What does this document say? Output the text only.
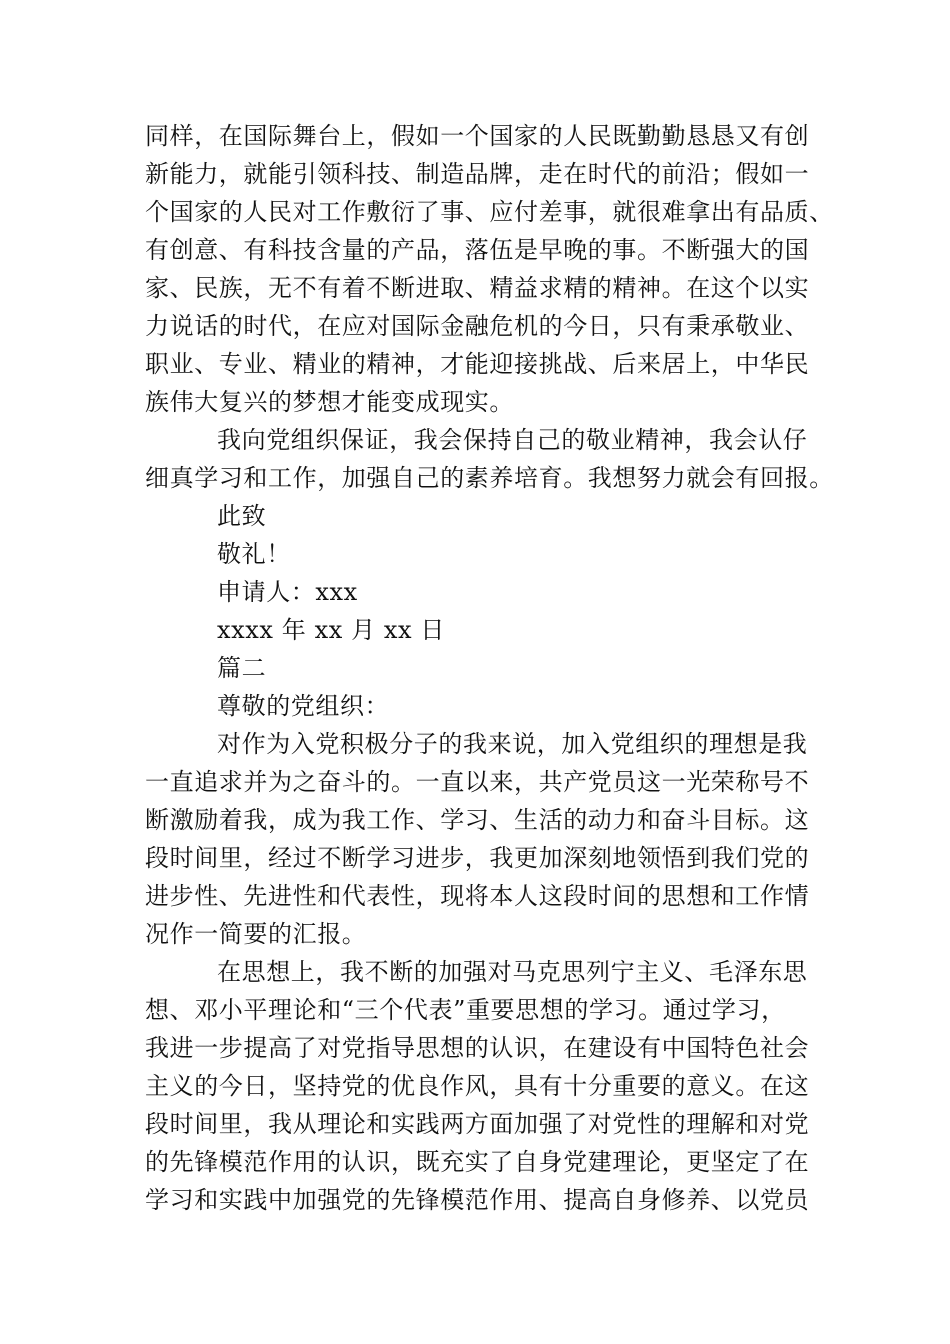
同样，在国际舞台上，假如一个国家的人民既勤勤恳恳又有创
新能力，就能引领科技、制造品牌，走在时代的前沿；假如一
个国家的人民对工作敷衍了事、应付差事，就很难拿出有品质、
有创意、有科技含量的产品，落伍是早晚的事。不断强大的国
家、民族，无不有着不断进取、精益求精的精神。在这个以实
力说话的时代，在应对国际金融危机的今日，只有秉承敬业、
职业、专业、精业的精神，才能迎接挑战、后来居上，中华民
族伟大复兴的梦想才能变成现实。
我向党组织保证，我会保持自己的敬业精神，我会认仔
细真学习和工作，加强自己的素养培育。我想努力就会有回报。
此致
敬礼！
申请人：xxx
xxxx 年 xx 月 xx 日
篇二
尊敬的党组织：
对作为入党积极分子的我来说，加入党组织的理想是我
一直追求并为之奋斗的。一直以来，共产党员这一光荣称号不
断激励着我，成为我工作、学习、生活的动力和奋斗目标。这
段时间里，经过不断学习进步，我更加深刻地领悟到我们党的
进步性、先进性和代表性，现将本人这段时间的思想和工作情
况作一简要的汇报。
在思想上，我不断的加强对马克思列宁主义、毛泽东思
想、邓小平理论和“三个代表”重要思想的学习。通过学习，
我进一步提高了对党指导思想的认识，在建设有中国特色社会
主义的今日，坚持党的优良作风，具有十分重要的意义。在这
段时间里，我从理论和实践两方面加强了对党性的理解和对党
的先锋模范作用的认识，既充实了自身党建理论，更坚定了在
学习和实践中加强党的先锋模范作用、提高自身修养、以党员
